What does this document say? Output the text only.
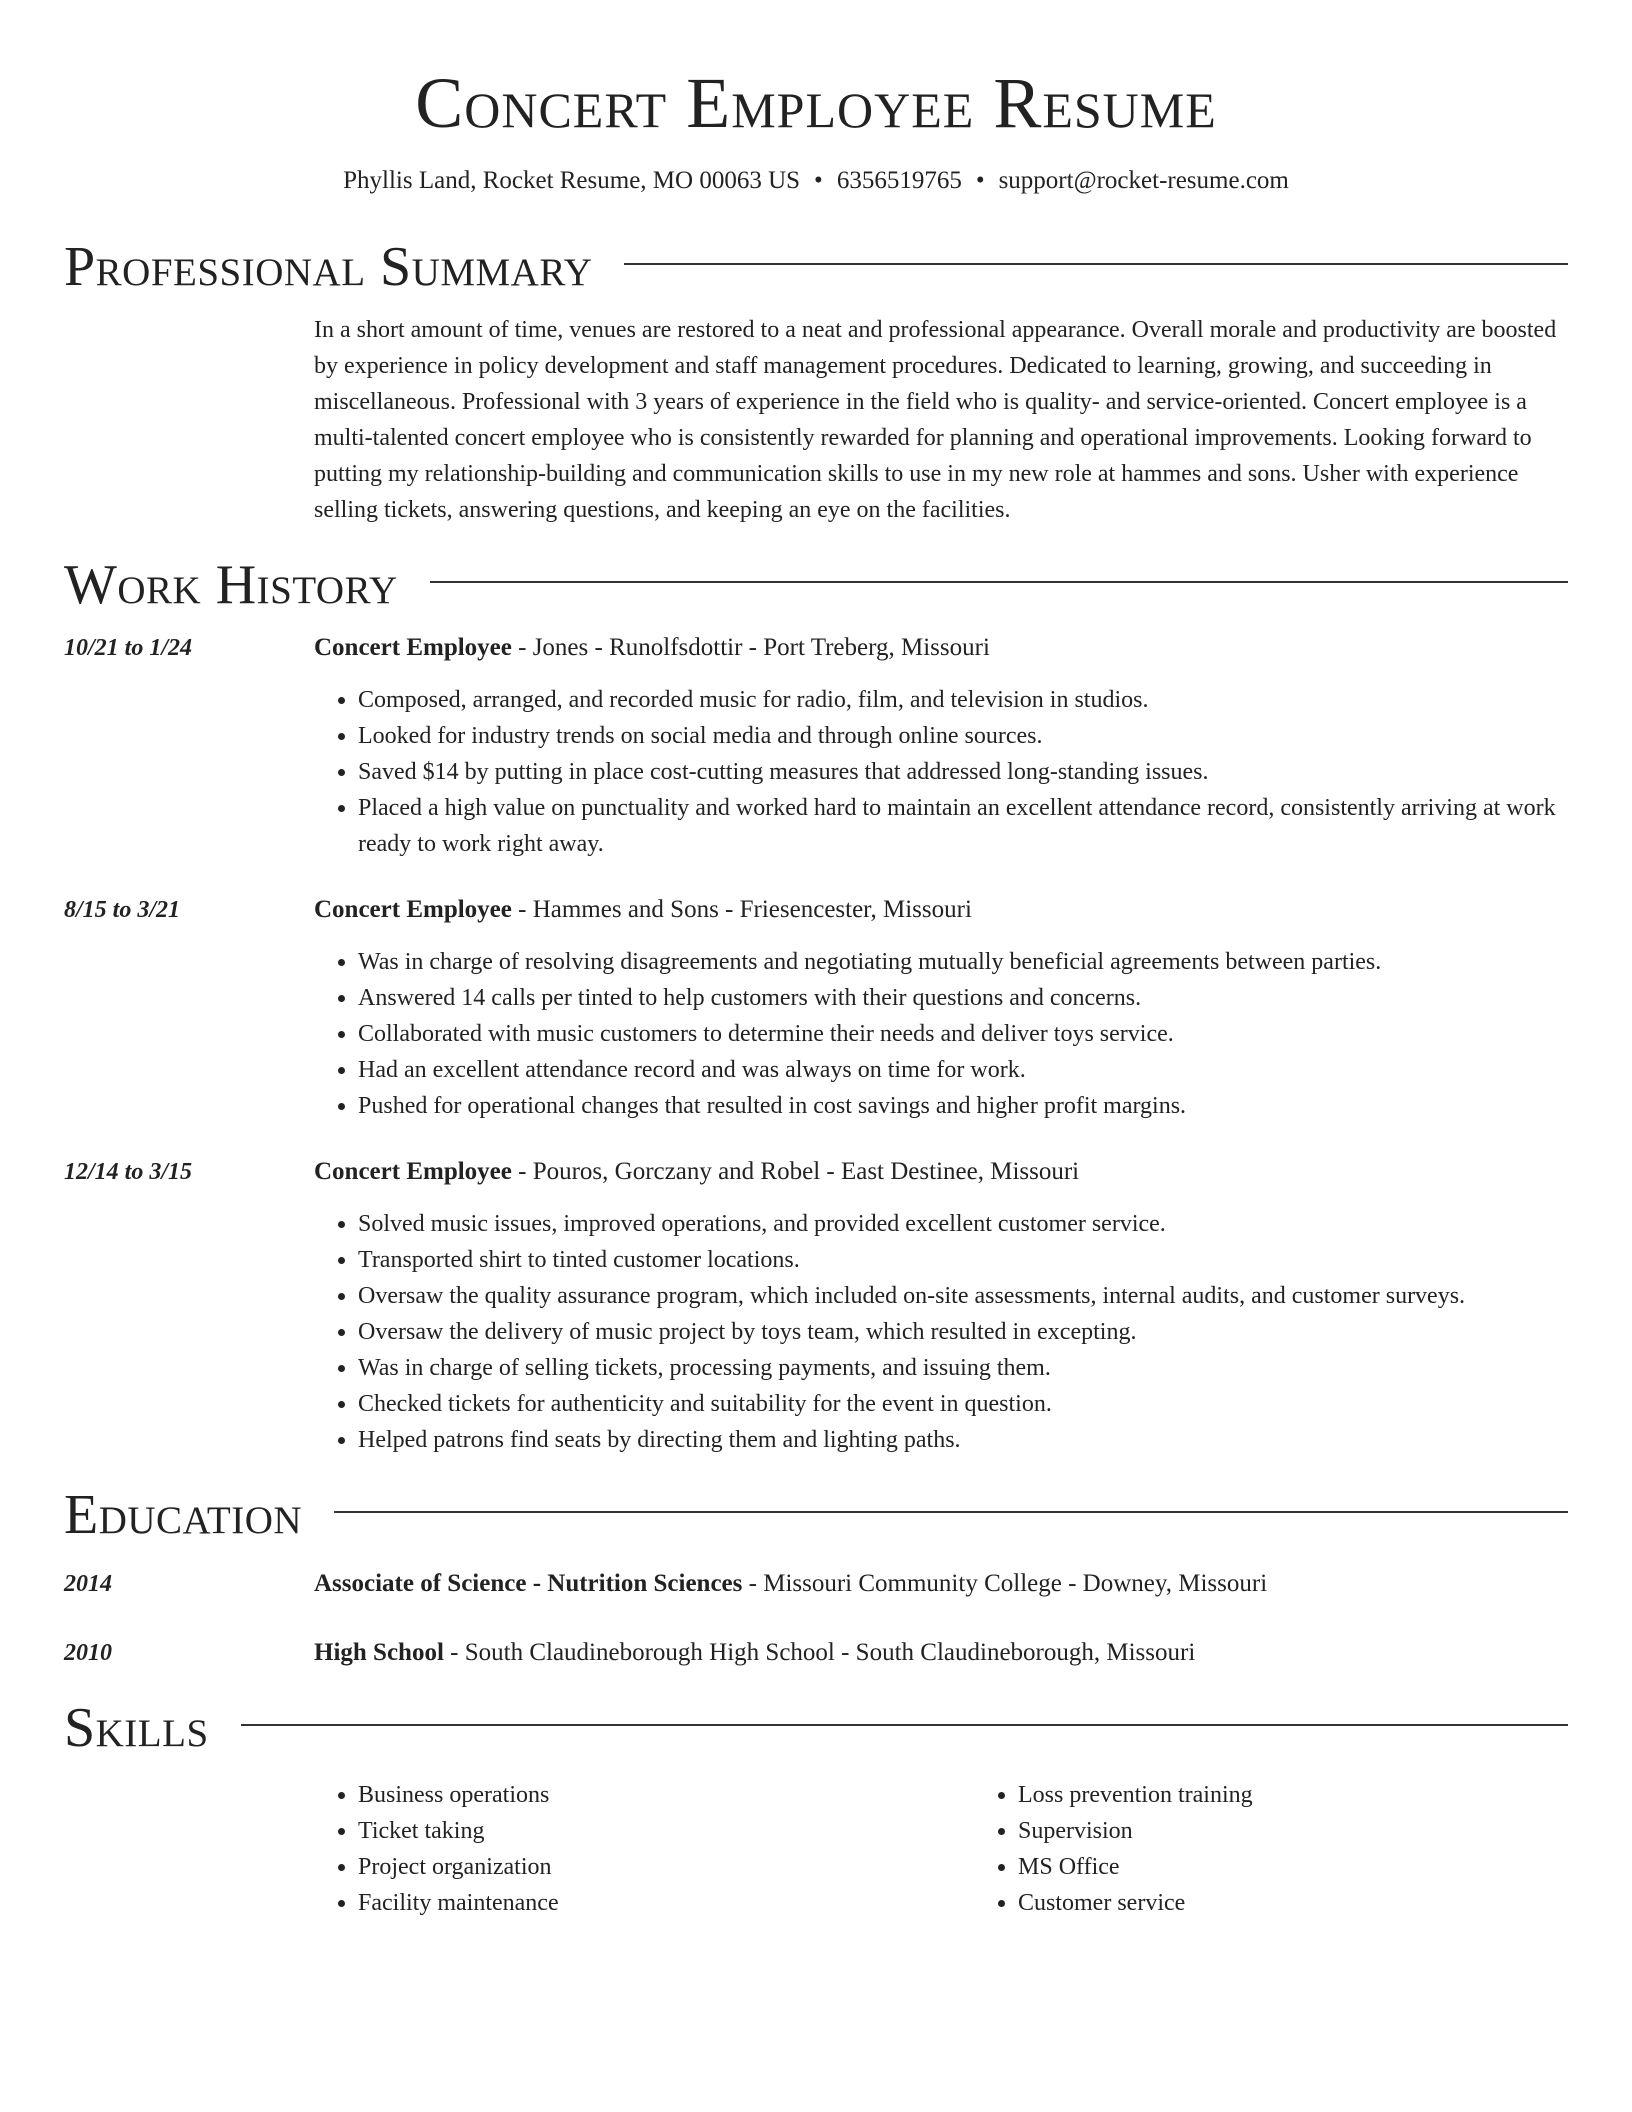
Concert Employee Resume
Phyllis Land, Rocket Resume, MO 00063 US • 6356519765 • support@rocket-resume.com
Professional Summary
In a short amount of time, venues are restored to a neat and professional appearance. Overall morale and productivity are boosted by experience in policy development and staff management procedures. Dedicated to learning, growing, and succeeding in miscellaneous. Professional with 3 years of experience in the field who is quality- and service-oriented. Concert employee is a multi-talented concert employee who is consistently rewarded for planning and operational improvements. Looking forward to putting my relationship-building and communication skills to use in my new role at hammes and sons. Usher with experience selling tickets, answering questions, and keeping an eye on the facilities.
Work History
10/21 to 1/24	Concert Employee - Jones - Runolfsdottir - Port Treberg, Missouri
• Composed, arranged, and recorded music for radio, film, and television in studios.
• Looked for industry trends on social media and through online sources.
• Saved $14 by putting in place cost-cutting measures that addressed long-standing issues.
• Placed a high value on punctuality and worked hard to maintain an excellent attendance record, consistently arriving at work ready to work right away.
8/15 to 3/21	Concert Employee - Hammes and Sons - Friesencester, Missouri
• Was in charge of resolving disagreements and negotiating mutually beneficial agreements between parties.
• Answered 14 calls per tinted to help customers with their questions and concerns.
• Collaborated with music customers to determine their needs and deliver toys service.
• Had an excellent attendance record and was always on time for work.
• Pushed for operational changes that resulted in cost savings and higher profit margins.
12/14 to 3/15	Concert Employee - Pouros, Gorczany and Robel - East Destinee, Missouri
• Solved music issues, improved operations, and provided excellent customer service.
• Transported shirt to tinted customer locations.
• Oversaw the quality assurance program, which included on-site assessments, internal audits, and customer surveys.
• Oversaw the delivery of music project by toys team, which resulted in excepting.
• Was in charge of selling tickets, processing payments, and issuing them.
• Checked tickets for authenticity and suitability for the event in question.
• Helped patrons find seats by directing them and lighting paths.
Education
2014	Associate of Science - Nutrition Sciences - Missouri Community College - Downey, Missouri
2010	High School - South Claudineborough High School - South Claudineborough, Missouri
Skills
• Business operations
• Ticket taking
• Project organization
• Facility maintenance
• Loss prevention training
• Supervision
• MS Office
• Customer service
